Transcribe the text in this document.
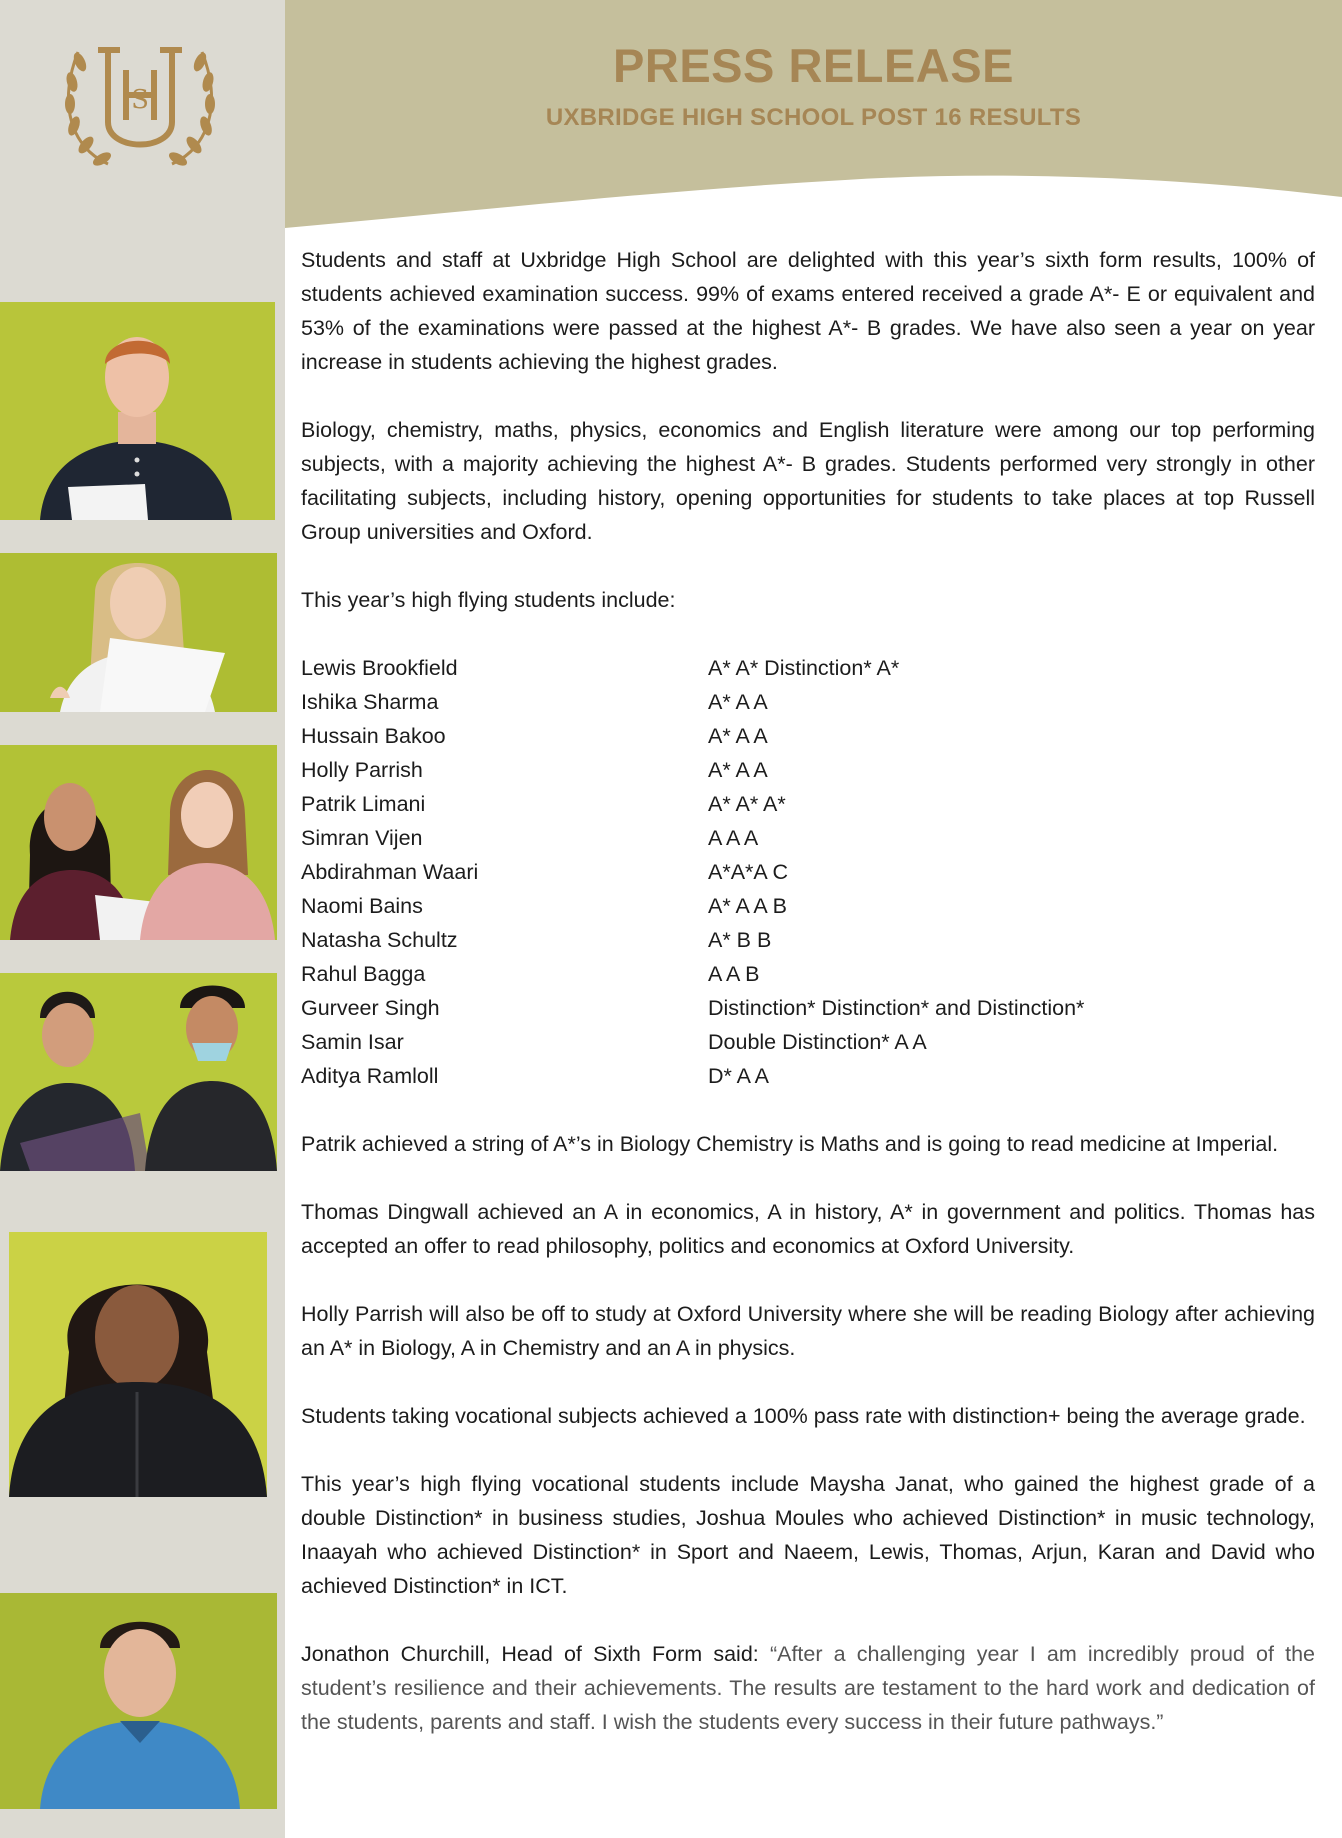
S
PRESS RELEASE
UXBRIDGE HIGH SCHOOL POST 16 RESULTS

Students and staff at Uxbridge High School are delighted with this year’s sixth form results, 100% of students achieved examination success. 99% of exams entered received a grade A*- E or equivalent and 53% of the examinations were passed at the highest A*- B grades. We have also seen a year on year increase in students achieving the highest grades.

Biology, chemistry, maths, physics, economics and English literature were among our top performing subjects, with a majority achieving the highest A*- B grades. Students performed very strongly in other facilitating subjects, including history, opening opportunities for students to take places at top Russell Group universities and Oxford.

This year’s high flying students include:

Lewis Brookfield	A* A* Distinction* A*
Ishika Sharma	A* A A
Hussain Bakoo	A* A A
Holly Parrish	A* A A
Patrik Limani	A* A* A*
Simran Vijen	A A A
Abdirahman Waari	A*A*A C
Naomi Bains	A* A A B
Natasha Schultz	A* B B
Rahul Bagga	A A B
Gurveer Singh	Distinction* Distinction* and Distinction*
Samin Isar	Double Distinction* A A
Aditya Ramloll	D* A A

Patrik achieved a string of A*’s in Biology Chemistry is Maths and is going to read medicine at Imperial.

Thomas Dingwall achieved an A in economics, A in history, A* in government and politics. Thomas has accepted an offer to read philosophy, politics and economics at Oxford University.

Holly Parrish will also be off to study at Oxford University where she will be reading Biology after achieving an A* in Biology, A in Chemistry and an A in physics.

Students taking vocational subjects achieved a 100% pass rate with distinction+ being the average grade.

This year’s high flying vocational students include Maysha Janat, who gained the highest grade of a double Distinction* in business studies, Joshua Moules who achieved Distinction* in music technology, Inaayah who achieved Distinction* in Sport and Naeem, Lewis, Thomas, Arjun, Karan and David who achieved Distinction* in ICT.

Jonathon Churchill, Head of Sixth Form said: “After a challenging year I am incredibly proud of the student’s resilience and their achievements. The results are testament to the hard work and dedication of the students, parents and staff. I wish the students every success in their future pathways.”
